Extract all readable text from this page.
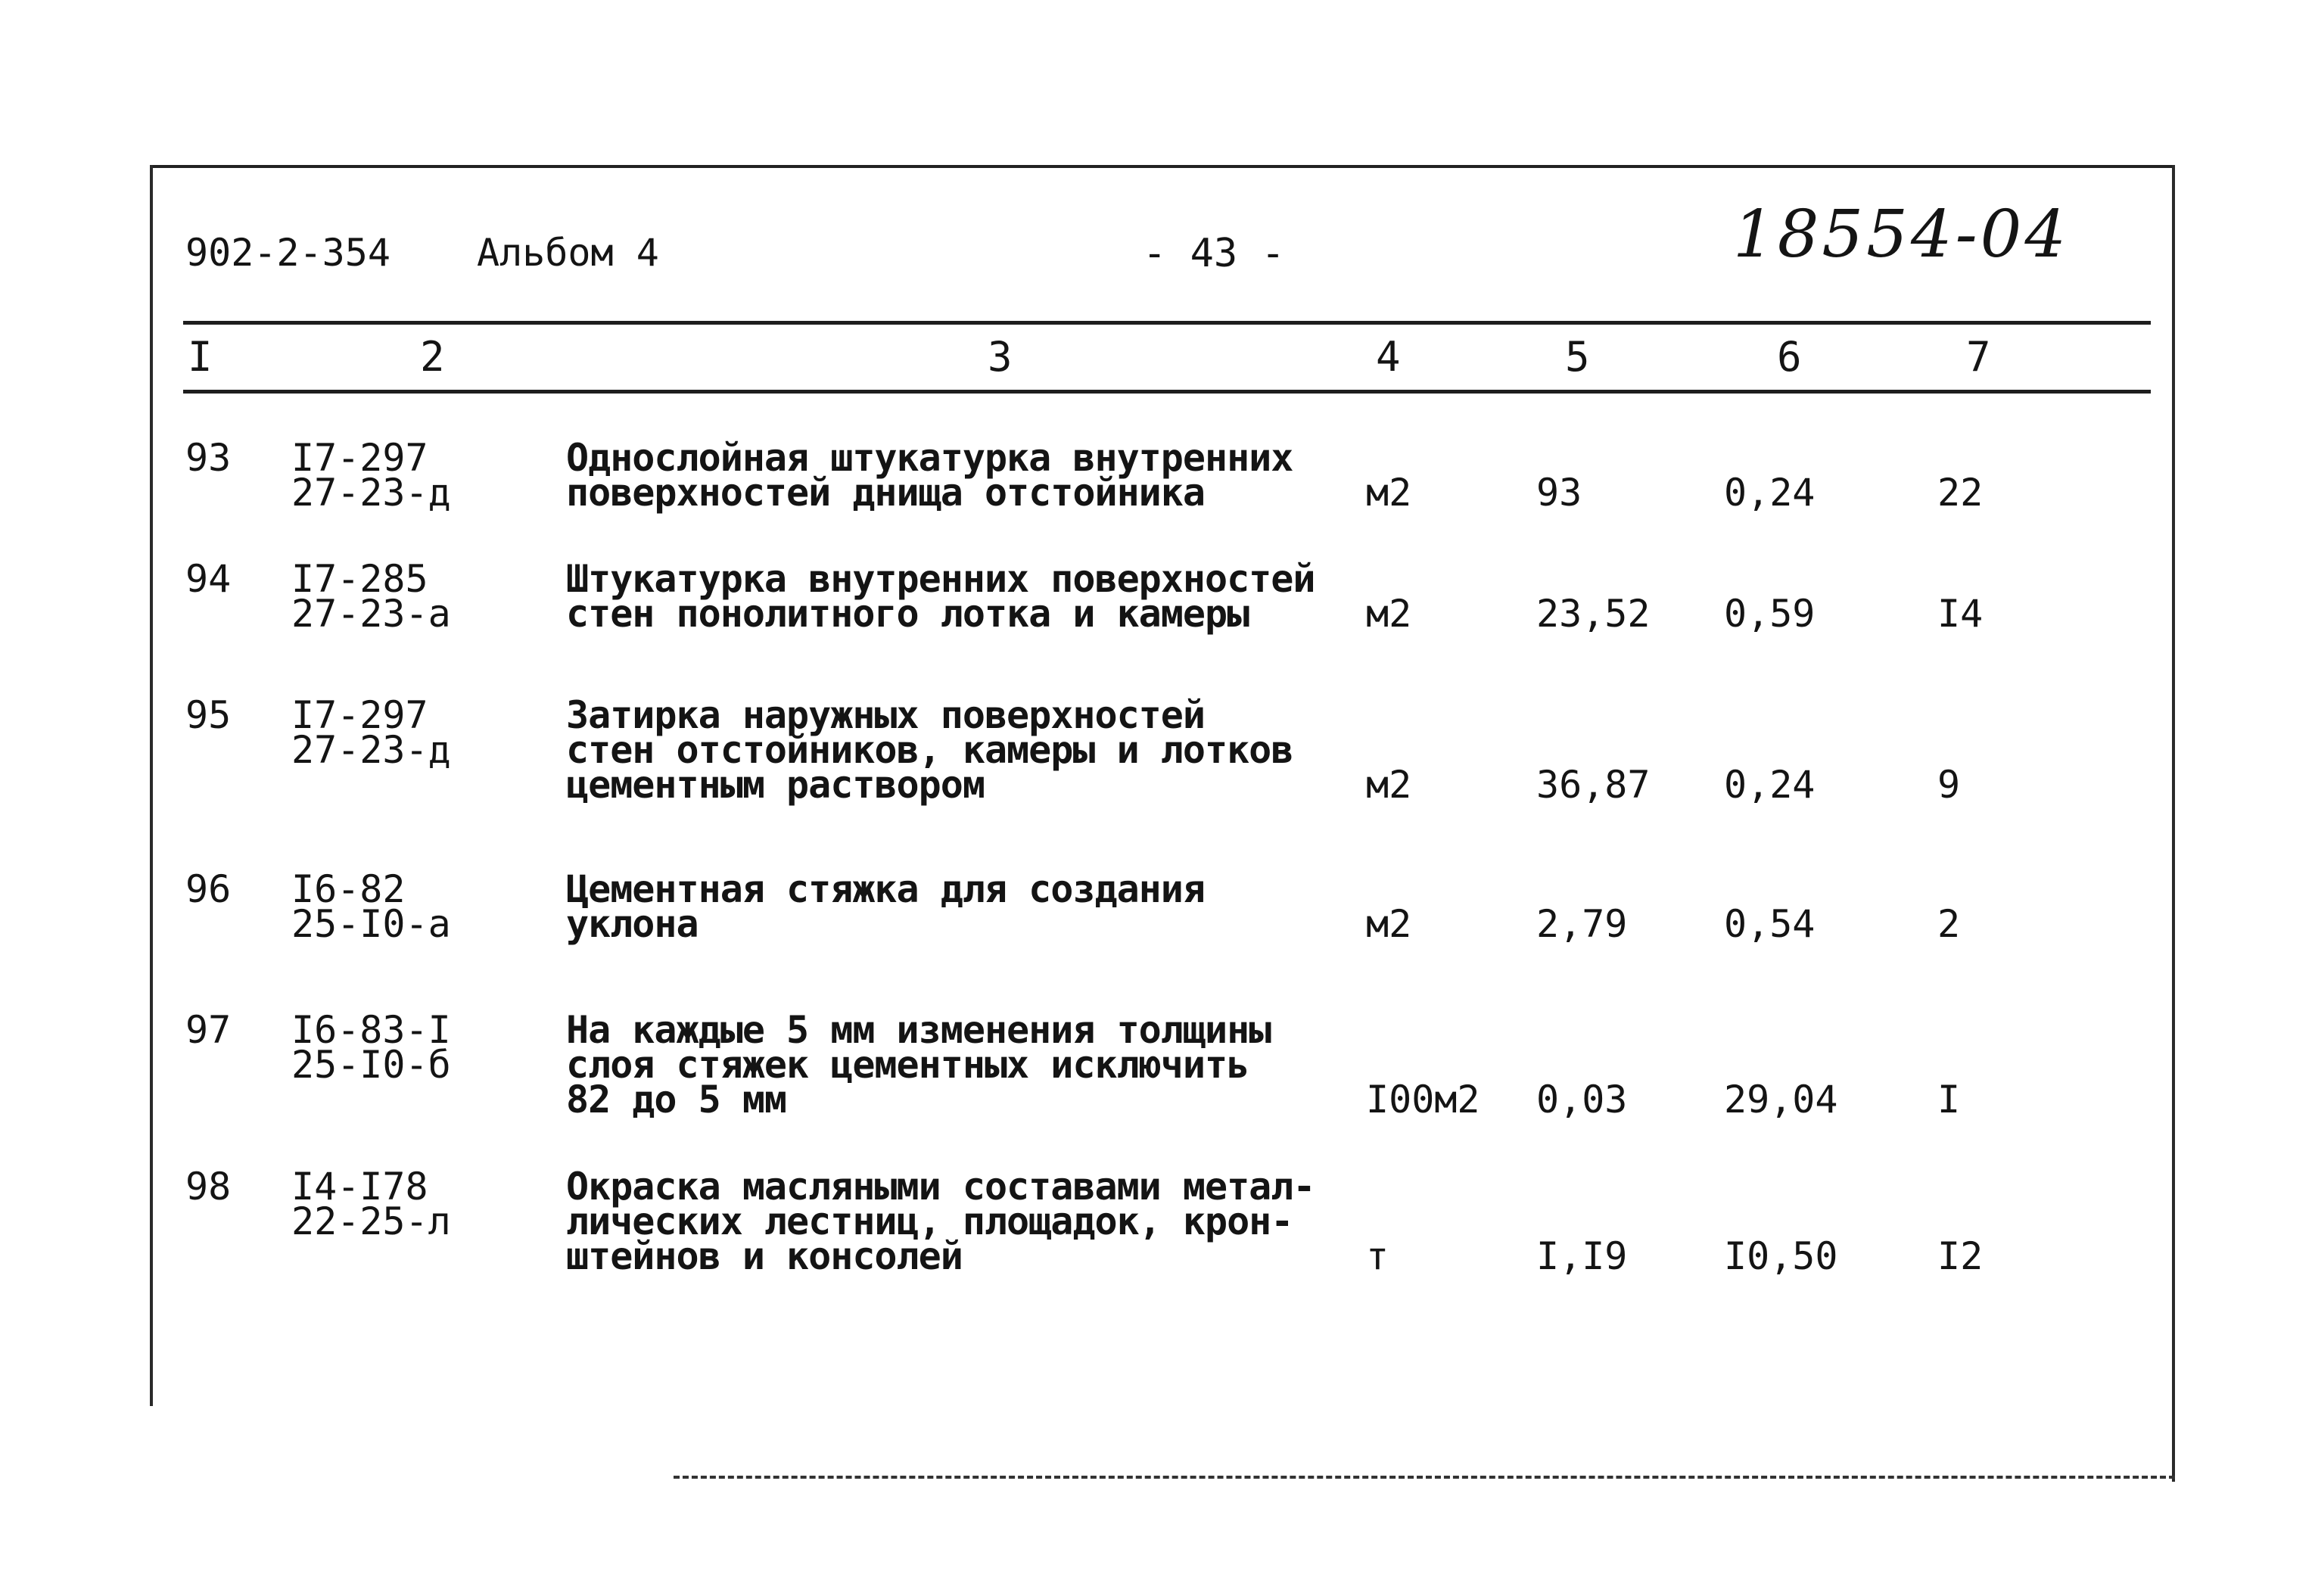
902-2-354 Альбом 4	- 43 -	18554-04
I	2	3	4	5	6	7
93 I7-297
27-23-д
Однослойная штукатурка внутренних
поверхностей днища отстойника	м2	93	0,24	22
94 I7-285
27-23-а
Штукатурка внутренних поверхностей
стен понолитного лотка и камеры	м2	23,52 0,59	I4
95 I7-297
27-23-д
Затирка наружных поверхностей
стен отстойников, камеры и лотков
цементным раствором	м2	36,87 0,24	9
96 I6-82
25-I0-а
Цементная стяжка для создания
уклона	м2	2,79	0,54	2
97 I6-83-I
25-I0-б
На каждые 5 мм изменения толщины
слоя стяжек цементных исключить
82 до 5 мм	I00м2 0,03	29,04	I
98 I4-I78
22-25-л
Окраска масляными составами метал-
лических лестниц, площадок, крон-
штейнов и консолей	т	I,I9	I0,50	I2
